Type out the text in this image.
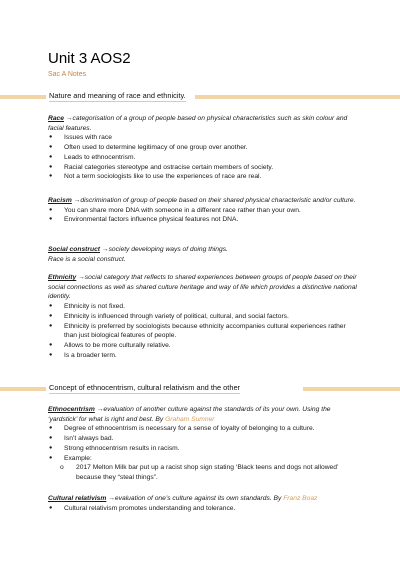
Unit 3 AOS2
Sac A Notes
Nature and meaning of race and ethnicity.

Race →categorisation of a group of people based on physical characteristics such as skin colour and facial features.

● Issues with race
● Often used to determine legitimacy of one group over another.
● Leads to ethnocentrism.
● Racial categories stereotype and ostracise certain members of society.
● Not a term sociologists like to use the experiences of race are real.

Racism →discrimination of group of people based on their shared physical characteristic and/or culture.

● You can share more DNA with someone in a different race rather than your own.
● Environmental factors influence physical features not DNA.

Social construct →society developing ways of doing things.

Race is a social construct.

Ethnicity →social category that reflects to shared experiences between groups of people based on their social connections as well as shared culture heritage and way of life which provides a distinctive national identity.

● Ethnicity is not fixed.
● Ethnicity is influenced through variety of political, cultural, and social factors.
● Ethnicity is preferred by sociologists because ethnicity accompanies cultural experiences rather than just biological features of people.
● Allows to be more culturally relative.
● Is a broader term.
Concept of ethnocentrism, cultural relativism and the other

Ethnocentrism →evaluation of another culture against the standards of its your own. Using the ‘yardstick’ for what is right and best. By Graham Sumner

● Degree of ethnocentrism is necessary for a sense of loyalty of belonging to a culture.
● Isn’t always bad.
● Strong ethnocentrism results in racism.
● Example:
o 2017 Melton Milk bar put up a racist shop sign stating ‘Black teens and dogs not allowed’ because they “steal things”.

Cultural relativism →evaluation of one’s culture against its own standards. By Franz Boaz

● Cultural relativism promotes understanding and tolerance.
